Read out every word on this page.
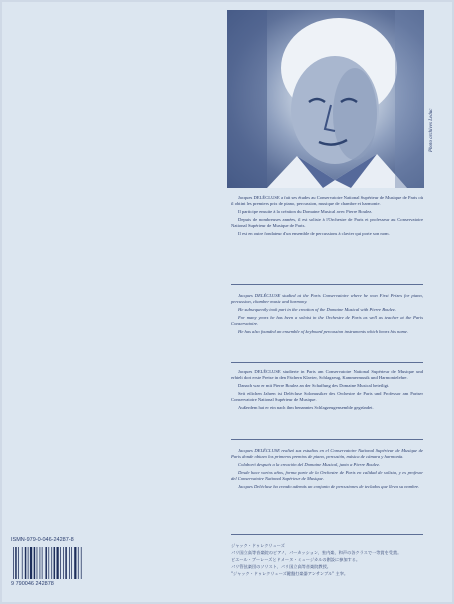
Photo archives Leduc

Jacques DELÉCLUSE a fait ses études au Conservatoire National Supérieur de Musique de Paris où il obtint les premiers prix de piano, percussion, musique de chambre et harmonie.

Il participe ensuite à la création du Domaine Musical avec Pierre Boulez.

Depuis de nombreuses années, il est soliste à l'Orchestre de Paris et professeur au Conservatoire National Supérieur de Musique de Paris.

Il est en outre fondateur d'un ensemble de percussions à clavier qui porte son nom.

Jacques DELÉCLUSE studied at the Paris Conservatoire where he won First Prizes for piano, percussion, chamber music and harmony.

He subsequently took part in the creation of the Domaine Musical with Pierre Boulez.

For many years he has been a soloist in the Orchestre de Paris as well as teacher at the Paris Conservatoire.

He has also founded an ensemble of keyboard percussion instruments which bears his name.

Jacques DELÉCLUSE studierte in Paris am Conservatoire National Supérieur de Musique und erhielt dort erste Preise in den Fächern Klavier, Schlagzeug, Kammermusik und Harmonielehre.

Danach war er mit Pierre Boulez an der Schaffung des Domaine Musical beteiligt.

Seit etlichen Jahren ist Delécluse Solomusiker des Orchestre de Paris und Professor am Pariser Conservatoire National Supérieur de Musique.

Außerdem hat er ein nach ihm benanntes Schlagzeugensemble gegründet.

Jacques DELÉCLUSE realizó sus estudios en el Conservatoire National Supérieur de Musique de Paris donde obtuvo los primeros premios de piano, percusión, música de cámara y harmonía.

Colaboró después a la creación del Domaine Musical, junto a Pierre Boulez.

Desde hace varios años, forma parte de la Orchestre de Paris en calidad de solista, y es profesor del Conservatoire National Supérieur de Musique.

Jacques Delécluse ha creado además un conjunto de percusiones de teclados que lleva su nombre.

ジャック・ドゥレクリューズ
パリ国立高等音楽院のピアノ、パーカッション、室内楽、和声の各クラスで一等賞を受賞。
ピエール・ブーレーズとドメーヌ・ミュージカルの創設に参加する。
パリ管弦楽団のソリスト、パリ国立高等音楽院教授。
"ジャック・ドゥレクリューズ鍵盤打楽器アンサンブル" 主宰。
ISMN-979-0-046-24287-8
9 790046 242878
